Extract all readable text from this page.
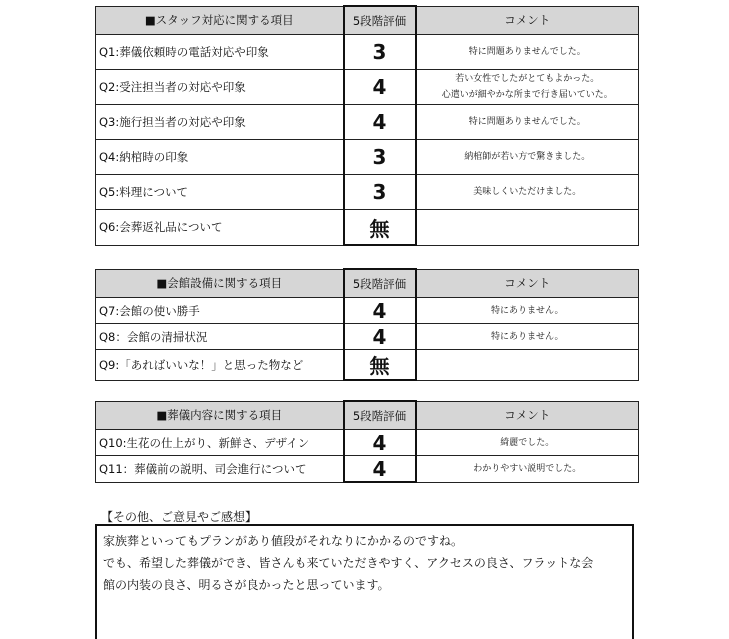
■スタッフ対応に関する項目	5段階評価	コメント
Q1:葬儀依頼時の電話対応や印象	3	特に問題ありませんでした。
Q2:受注担当者の対応や印象	4	若い女性でしたがとてもよかった。
心遣いが細やかな所まで行き届いていた。

Q3:施行担当者の対応や印象	4	特に問題ありませんでした。
Q4:納棺時の印象	3	納棺師が若い方で驚きました。
Q5:料理について	3	美味しくいただけました。
Q6:会葬返礼品について	無	
■会館設備に関する項目	5段階評価	コメント
Q7:会館の使い勝手	4	特にありません。
Q8：会館の清掃状況	4	特にありません。
Q9:「あればいいな！」と思った物など	無	
■葬儀内容に関する項目	5段階評価	コメント
Q10:生花の仕上がり、新鮮さ、デザイン	4	綺麗でした。
Q11：葬儀前の説明、司会進行について	4	わかりやすい説明でした。
【その他、ご意見やご感想】

家族葬といってもプランがあり値段がそれなりにかかるのですね。

でも、希望した葬儀ができ、皆さんも来ていただきやすく、アクセスの良さ、フラットな会

館の内装の良さ、明るさが良かったと思っています。
